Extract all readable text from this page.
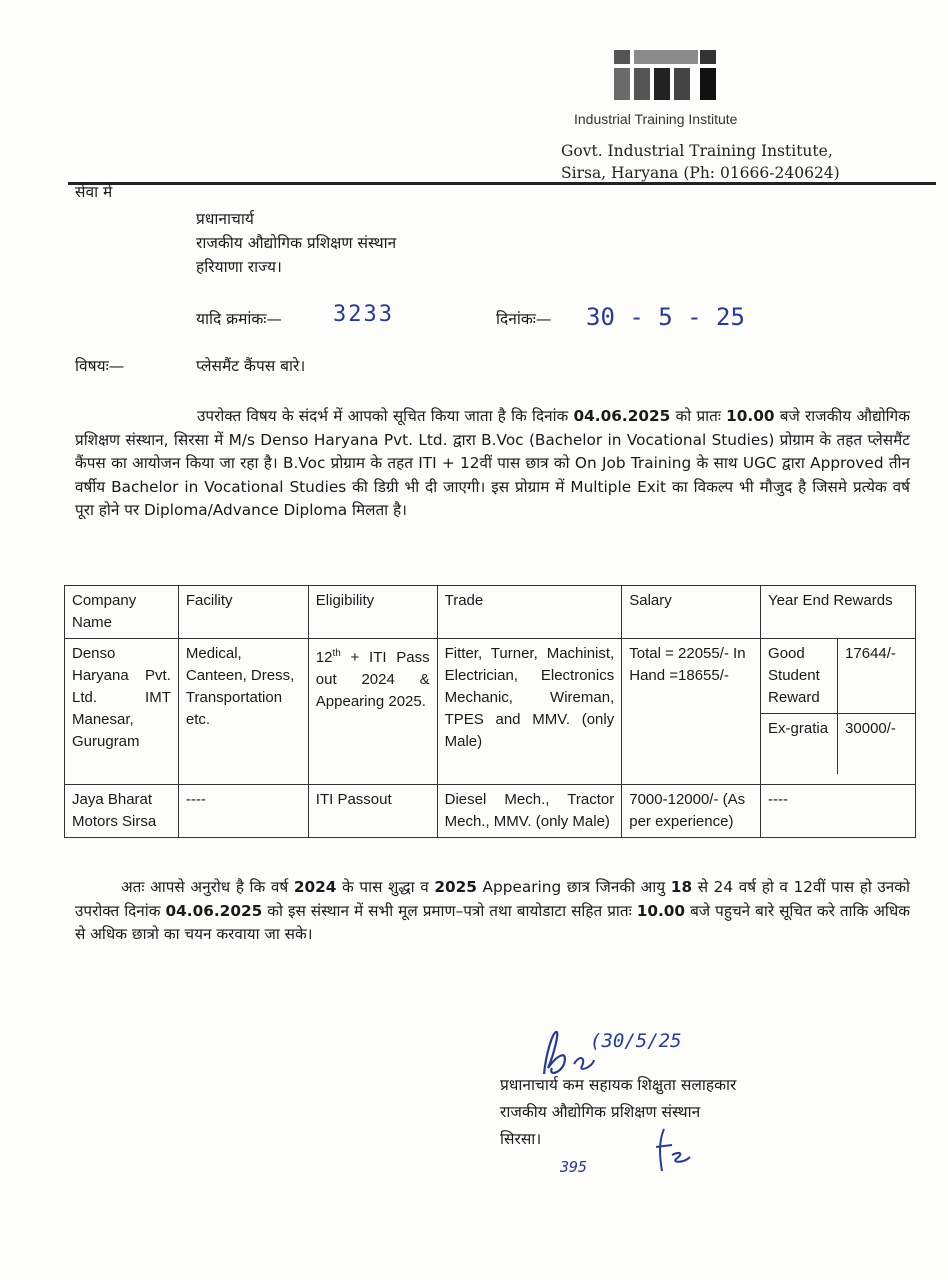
Industrial Training Institute
Govt. Industrial Training Institute,
Sirsa, Haryana (Ph: 01666-240624)
सेवा में
प्रधानाचार्य
राजकीय औद्योगिक प्रशिक्षण संस्थान
हरियाणा राज्य।
यादि क्रमांकः— 3233	दिनांकः— 30 - 5 - 25
विषयः—	प्लेसमैंट कैंपस बारे।
उपरोक्त विषय के संदर्भ में आपको सूचित किया जाता है कि दिनांक 04.06.2025 को प्रातः 10.00 बजे राजकीय औद्योगिक प्रशिक्षण संस्थान, सिरसा में M/s Denso Haryana Pvt. Ltd. द्वारा B.Voc (Bachelor in Vocational Studies) प्रोग्राम के तहत प्लेसमैंट कैंपस का आयोजन किया जा रहा है। B.Voc प्रोग्राम के तहत ITI + 12वीं पास छात्र को On Job Training के साथ UGC द्वारा Approved तीन वर्षीय Bachelor in Vocational Studies की डिग्री भी दी जाएगी। इस प्रोग्राम में Multiple Exit का विकल्प भी मौजुद है जिसमे प्रत्येक वर्ष पूरा होने पर Diploma/Advance Diploma मिलता है।
Company Name	Facility	Eligibility	Trade	Salary	Year End Rewards
Denso Haryana Pvt. Ltd. IMT Manesar, Gurugram	Medical, Canteen, Dress, Transportation etc.	12th + ITI Pass out 2024 & Appearing 2025.	Fitter, Turner, Machinist, Electrician, Electronics Mechanic, Wireman, TPES and MMV. (only Male)	Total = 22055/- In Hand =18655/-	
Good Student Reward	17644/-
Ex-gratia	30000/-

Jaya Bharat Motors Sirsa	----	ITI Passout	Diesel Mech., Tractor Mech., MMV. (only Male)	7000-12000/- (As per experience)	----
अतः आपसे अनुरोध है कि वर्ष 2024 के पास शुद्धा व 2025 Appearing छात्र जिनकी आयु 18 से 24 वर्ष हो व 12वीं पास हो उनको उपरोक्त दिनांक 04.06.2025 को इस संस्थान में सभी मूल प्रमाण–पत्रो तथा बायोडाटा सहित प्रातः 10.00 बजे पहुचने बारे सूचित करे ताकि अधिक से अधिक छात्रो का चयन करवाया जा सके।
(30/5/25
प्रधानाचार्य कम सहायक शिक्षुता सलाहकार
राजकीय औद्योगिक प्रशिक्षण संस्थान
सिरसा।
395
